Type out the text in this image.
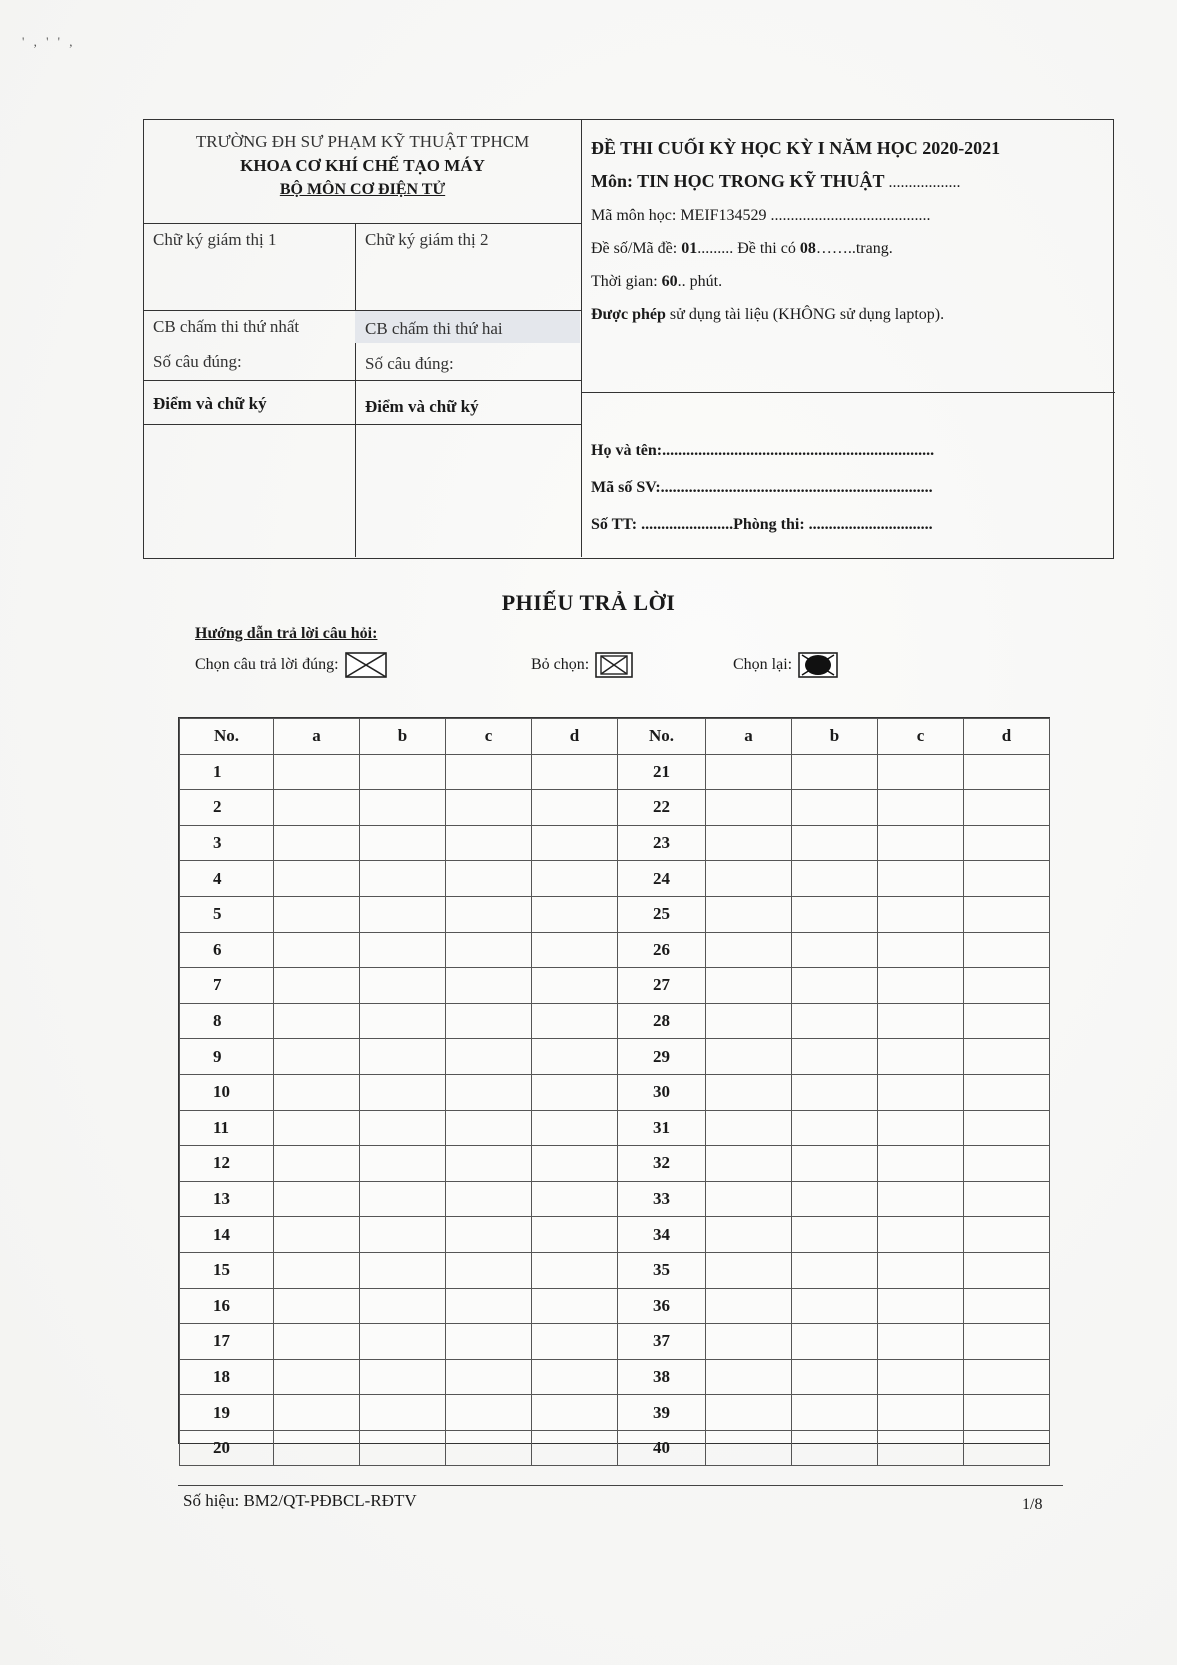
' , ' ' ,
TRƯỜNG ĐH SƯ PHẠM KỸ THUẬT TPHCM
KHOA CƠ KHÍ CHẾ TẠO MÁY
BỘ MÔN CƠ ĐIỆN TỬ
Chữ ký giám thị 1	Chữ ký giám thị 2
CB chấm thi thứ nhất	CB chấm thi thứ hai
Số câu đúng:	Số câu đúng:
Điểm và chữ ký	Điểm và chữ ký
ĐỀ THI CUỐI KỲ HỌC KỲ I NĂM HỌC 2020-2021
Môn: TIN HỌC TRONG KỸ THUẬT ..................
Mã môn học: MEIF134529 ........................................
Đề số/Mã đề: 01......... Đề thi có 08……..trang.
Thời gian: 60.. phút.
Được phép sử dụng tài liệu (KHÔNG sử dụng laptop).
Họ và tên:....................................................................
Mã số SV:....................................................................
Số TT: .......................Phòng thi: ...............................
PHIẾU TRẢ LỜI
Hướng dẫn trả lời câu hỏi:
Chọn câu trả lời đúng:	Bỏ chọn:	Chọn lại:
No.	a	b	c	d	No.	a	b	c	d
1					21				
2					22				
3					23				
4					24				
5					25				
6					26				
7					27				
8					28				
9					29				
10					30				
11					31				
12					32				
13					33				
14					34				
15					35				
16					36				
17					37				
18					38				
19					39				
20					40				
Số hiệu: BM2/QT-PĐBCL-RĐTV	1/8
